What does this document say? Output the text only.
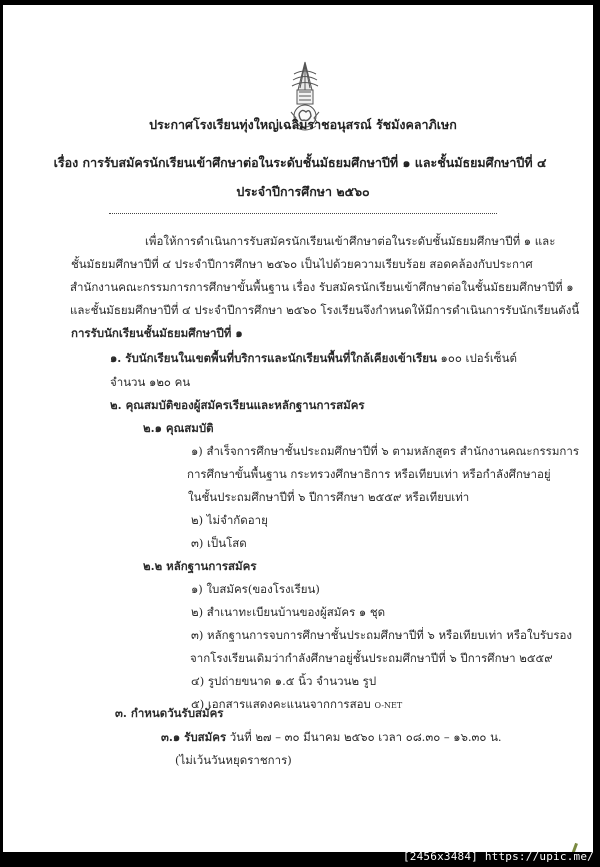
ประกาศโรงเรียนทุ่งใหญ่เฉลิมราชอนุสรณ์ รัชมังคลาภิเษก
เรื่อง การรับสมัครนักเรียนเข้าศึกษาต่อในระดับชั้นมัธยมศึกษาปีที่ ๑ และชั้นมัธยมศึกษาปีที่ ๔
ประจำปีการศึกษา ๒๕๖๐
เพื่อให้การดำเนินการรับสมัครนักเรียนเข้าศึกษาต่อในระดับชั้นมัธยมศึกษาปีที่ ๑ และ
ชั้นมัธยมศึกษาปีที่ ๔ ประจำปีการศึกษา ๒๕๖๐ เป็นไปด้วยความเรียบร้อย สอดคล้องกับประกาศ
สำนักงานคณะกรรมการการศึกษาขั้นพื้นฐาน เรื่อง รับสมัครนักเรียนเข้าศึกษาต่อในชั้นมัธยมศึกษาปีที่ ๑
และชั้นมัธยมศึกษาปีที่ ๔ ประจำปีการศึกษา ๒๕๖๐ โรงเรียนจึงกำหนดให้มีการดำเนินการรับนักเรียนดังนี้
การรับนักเรียนชั้นมัธยมศึกษาปีที่ ๑
๑. รับนักเรียนในเขตพื้นที่บริการและนักเรียนพื้นที่ใกล้เคียงเข้าเรียน ๑๐๐ เปอร์เซ็นต์
จำนวน ๑๒๐ คน
๒. คุณสมบัติของผู้สมัครเรียนและหลักฐานการสมัคร
๒.๑ คุณสมบัติ
๑) สำเร็จการศึกษาชั้นประถมศึกษาปีที่ ๖ ตามหลักสูตร สำนักงานคณะกรรมการ
การศึกษาขั้นพื้นฐาน กระทรวงศึกษาธิการ หรือเทียบเท่า หรือกำลังศึกษาอยู่
ในชั้นประถมศึกษาปีที่ ๖ ปีการศึกษา ๒๕๕๙ หรือเทียบเท่า
๒) ไม่จำกัดอายุ
๓) เป็นโสด
๒.๒ หลักฐานการสมัคร
๑) ใบสมัคร(ของโรงเรียน)
๒) สำเนาทะเบียนบ้านของผู้สมัคร ๑ ชุด
๓) หลักฐานการจบการศึกษาชั้นประถมศึกษาปีที่ ๖ หรือเทียบเท่า หรือใบรับรอง
จากโรงเรียนเดิมว่ากำลังศึกษาอยู่ชั้นประถมศึกษาปีที่ ๖ ปีการศึกษา ๒๕๕๙
๔) รูปถ่ายขนาด ๑.๕ นิ้ว จำนวน๒ รูป
๕) เอกสารแสดงคะแนนจากการสอบ O-NET
๓. กำหนดวันรับสมัคร
๓.๑ รับสมัคร วันที่ ๒๗ – ๓๐ มีนาคม ๒๕๖๐ เวลา ๐๘.๓๐ – ๑๖.๓๐ น.
(ไม่เว้นวันหยุดราชการ)
[2456x3484] https://upic.me/
